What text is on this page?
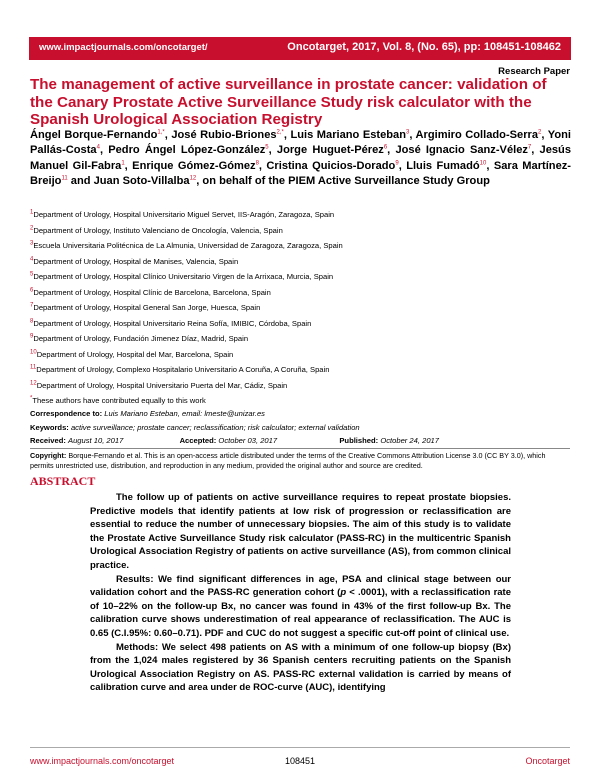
www.impactjournals.com/oncotarget/	Oncotarget, 2017, Vol. 8, (No. 65), pp: 108451-108462
Research Paper
The management of active surveillance in prostate cancer: validation of the Canary Prostate Active Surveillance Study risk calculator with the Spanish Urological Association Registry
Ángel Borque-Fernando$^{1,*}$, José Rubio-Briones$^{2,*}$, Luis Mariano Esteban$^3$, Argimiro Collado-Serra$^2$, Yoni Pallás-Costa$^4$, Pedro Ángel López-González$^5$, Jorge Huguet-Pérez$^6$, José Ignacio Sanz-Vélez$^7$, Jesús Manuel Gil-Fabra$^1$, Enrique Gómez-Gómez$^8$, Cristina Quicios-Dorado$^9$, Lluis Fumadó$^{10}$, Sara Martínez-Breijo$^{11}$ and Juan Soto-Villalba$^{12}$, on behalf of the PIEM Active Surveillance Study Group
$^1$Department of Urology, Hospital Universitario Miguel Servet, IIS-Aragón, Zaragoza, Spain
$^2$Department of Urology, Instituto Valenciano de Oncología, Valencia, Spain
$^3$Escuela Universitaria Politécnica de La Almunia, Universidad de Zaragoza, Zaragoza, Spain
$^4$Department of Urology, Hospital de Manises, Valencia, Spain
$^5$Department of Urology, Hospital Clínico Universitario Virgen de la Arrixaca, Murcia, Spain
$^6$Department of Urology, Hospital Clínic de Barcelona, Barcelona, Spain
$^7$Department of Urology, Hospital General San Jorge, Huesca, Spain
$^8$Department of Urology, Hospital Universitario Reina Sofía, IMIBIC, Córdoba, Spain
$^9$Department of Urology, Fundación Jimenez Díaz, Madrid, Spain
$^{10}$Department of Urology, Hospital del Mar, Barcelona, Spain
$^{11}$Department of Urology, Complexo Hospitalario Universitario A Coruña, A Coruña, Spain
$^{12}$Department of Urology, Hospital Universitario Puerta del Mar, Cádiz, Spain
*These authors have contributed equally to this work
Correspondence to: Luis Mariano Esteban, email: lmeste@unizar.es
Keywords: active surveillance; prostate cancer; reclassification; risk calculator; external validation
Received: August 10, 2017	Accepted: October 03, 2017	Published: October 24, 2017
Copyright: Borque-Fernando et al. This is an open-access article distributed under the terms of the Creative Commons Attribution License 3.0 (CC BY 3.0), which permits unrestricted use, distribution, and reproduction in any medium, provided the original author and source are credited.
ABSTRACT

The follow up of patients on active surveillance requires to repeat prostate biopsies. Predictive models that identify patients at low risk of progression or reclassification are essential to reduce the number of unnecessary biopsies. The aim of this study is to validate the Prostate Active Surveillance Study risk calculator (PASS-RC) in the multicentric Spanish Urological Association Registry of patients on active surveillance (AS), from common clinical practice.

Results: We find significant differences in age, PSA and clinical stage between our validation cohort and the PASS-RC generation cohort (p < .0001), with a reclassification rate of 10–22% on the follow-up Bx, no cancer was found in 43% of the first follow-up Bx. The calibration curve shows underestimation of real appearance of reclassification. The AUC is 0.65 (C.I.95%: 0.60–0.71). PDF and CUC do not suggest a specific cut-off point of clinical use.

Methods: We select 498 patients on AS with a minimum of one follow-up biopsy (Bx) from the 1,024 males registered by 36 Spanish centers recruiting patients on the Spanish Urological Association Registry on AS. PASS-RC external validation is carried by means of calibration curve and area under de ROC-curve (AUC), identifying

www.impactjournals.com/oncotarget	108451	Oncotarget
